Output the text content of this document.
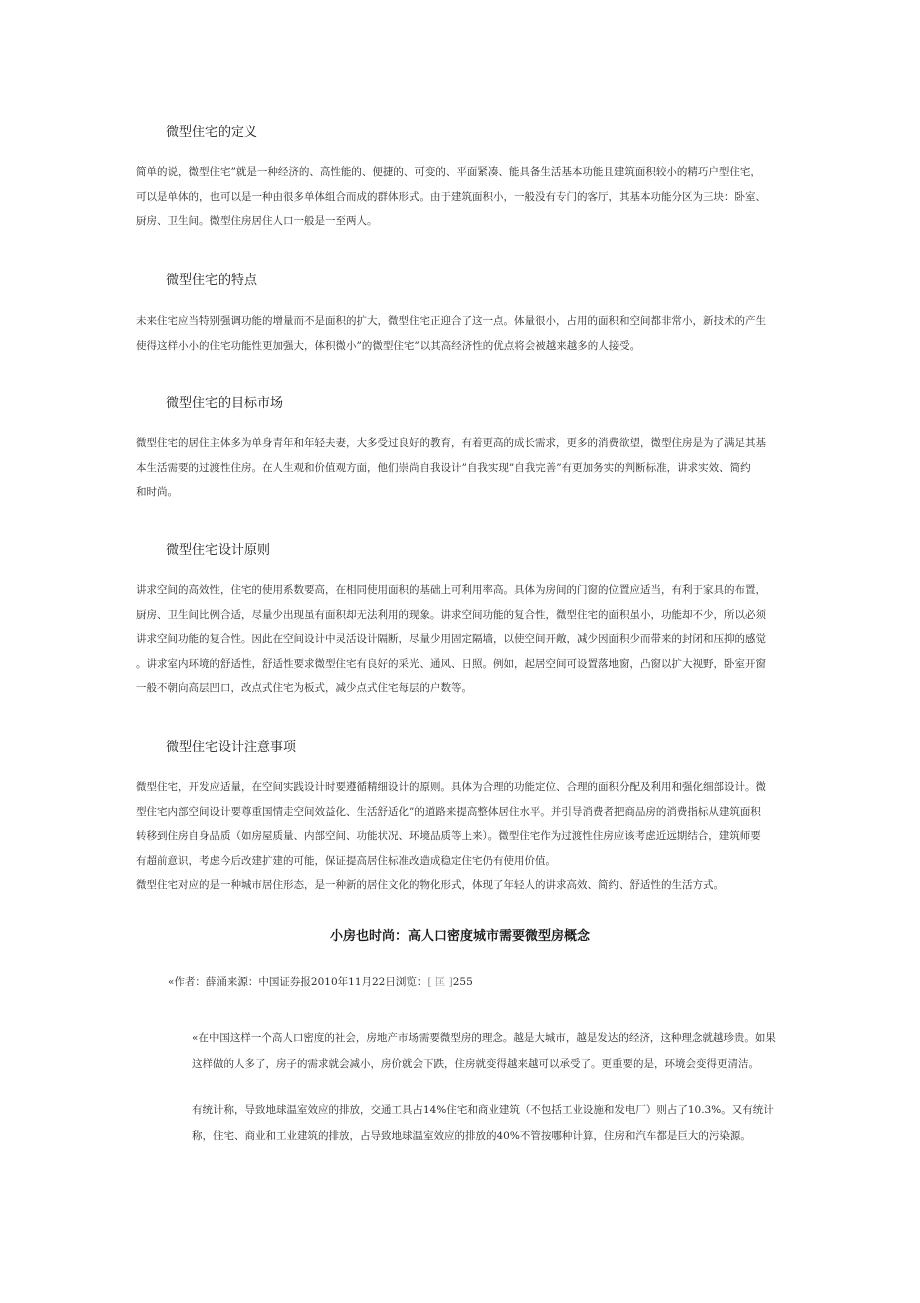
微型住宅的定义
简单的说，微型住宅”就是一种经济的、高性能的、便捷的、可变的、平面紧凑、能具备生活基本功能且建筑面积较小的精巧户型住宅，
可以是单体的，也可以是一种由很多单体组合而成的群体形式。由于建筑面积小，一般没有专门的客厅，其基本功能分区为三块：卧室、
厨房、卫生间。微型住房居住人口一般是一至两人。
微型住宅的特点
未来住宅应当特别强调功能的增量而不是面积的扩大，微型住宅正迎合了这一点。体量很小，占用的面积和空间都非常小，新技术的产生
使得这样小小的住宅功能性更加强大，体积微小”的微型住宅”以其高经济性的优点将会被越来越多的人接受。
微型住宅的目标市场
微型住宅的居住主体多为单身青年和年轻夫妻，大多受过良好的教育，有着更高的成长需求，更多的消费欲望，微型住房是为了满足其基
本生活需要的过渡性住房。在人生观和价值观方面，他们崇尚自我设计”自我实现”自我完善”有更加务实的判断标准，讲求实效、简约
和时尚。
微型住宅设计原则
讲求空间的高效性，住宅的使用系数要高，在相同使用面积的基础上可利用率高。具体为房间的门窗的位置应适当，有利于家具的布置，
厨房、卫生间比例合适，尽量少出现虽有面积却无法利用的现象。讲求空间功能的复合性，微型住宅的面积虽小，功能却不少，所以必须
讲求空间功能的复合性。因此在空间设计中灵活设计隔断，尽量少用固定隔墙，以使空间开敞，减少因面积少而带来的封闭和压抑的感觉
。讲求室内环境的舒适性，舒适性要求微型住宅有良好的采光、通风、日照。例如，起居空间可设置落地窗，凸窗以扩大视野，卧室开窗
一般不朝向高层凹口，改点式住宅为板式，减少点式住宅每层的户数等。
微型住宅设计注意事项
微型住宅，开发应适量，在空间实践设计时要遵循精细设计的原则。具体为合理的功能定位、合理的面积分配及利用和强化细部设计。微
型住宅内部空间设计要尊重国情走空间效益化、生活舒适化”的道路来提高整体居住水平。并引导消费者把商品房的消费指标从建筑面积
转移到住房自身品质（如房屋质量、内部空间、功能状况、环境品质等上来）。微型住宅作为过渡性住房应该考虑近远期结合，建筑师要
有超前意识，考虑今后改建扩建的可能，保证提高居住标准改造成稳定住宅仍有使用价值。
微型住宅对应的是一种城市居住形态，是一种新的居住文化的物化形式，体现了年轻人的讲求高效、简约、舒适性的生活方式。
小房也时尚：高人口密度城市需要微型房概念
«作者：薛涌来源：中国证券报2010年11月22日浏览：[ 匡 ]255
«在中国这样一个高人口密度的社会，房地产市场需要微型房的理念。越是大城市，越是发达的经济，这种理念就越珍贵。如果
这样做的人多了，房子的需求就会减小，房价就会下跌，住房就变得越来越可以承受了。更重要的是，环境会变得更清洁。
有统计称，导致地球温室效应的排放，交通工具占14%住宅和商业建筑（不包括工业设施和发电厂）则占了10.3%。又有统计
称，住宅、商业和工业建筑的排放，占导致地球温室效应的排放的40%不管按哪种计算，住房和汽车都是巨大的污染源。
